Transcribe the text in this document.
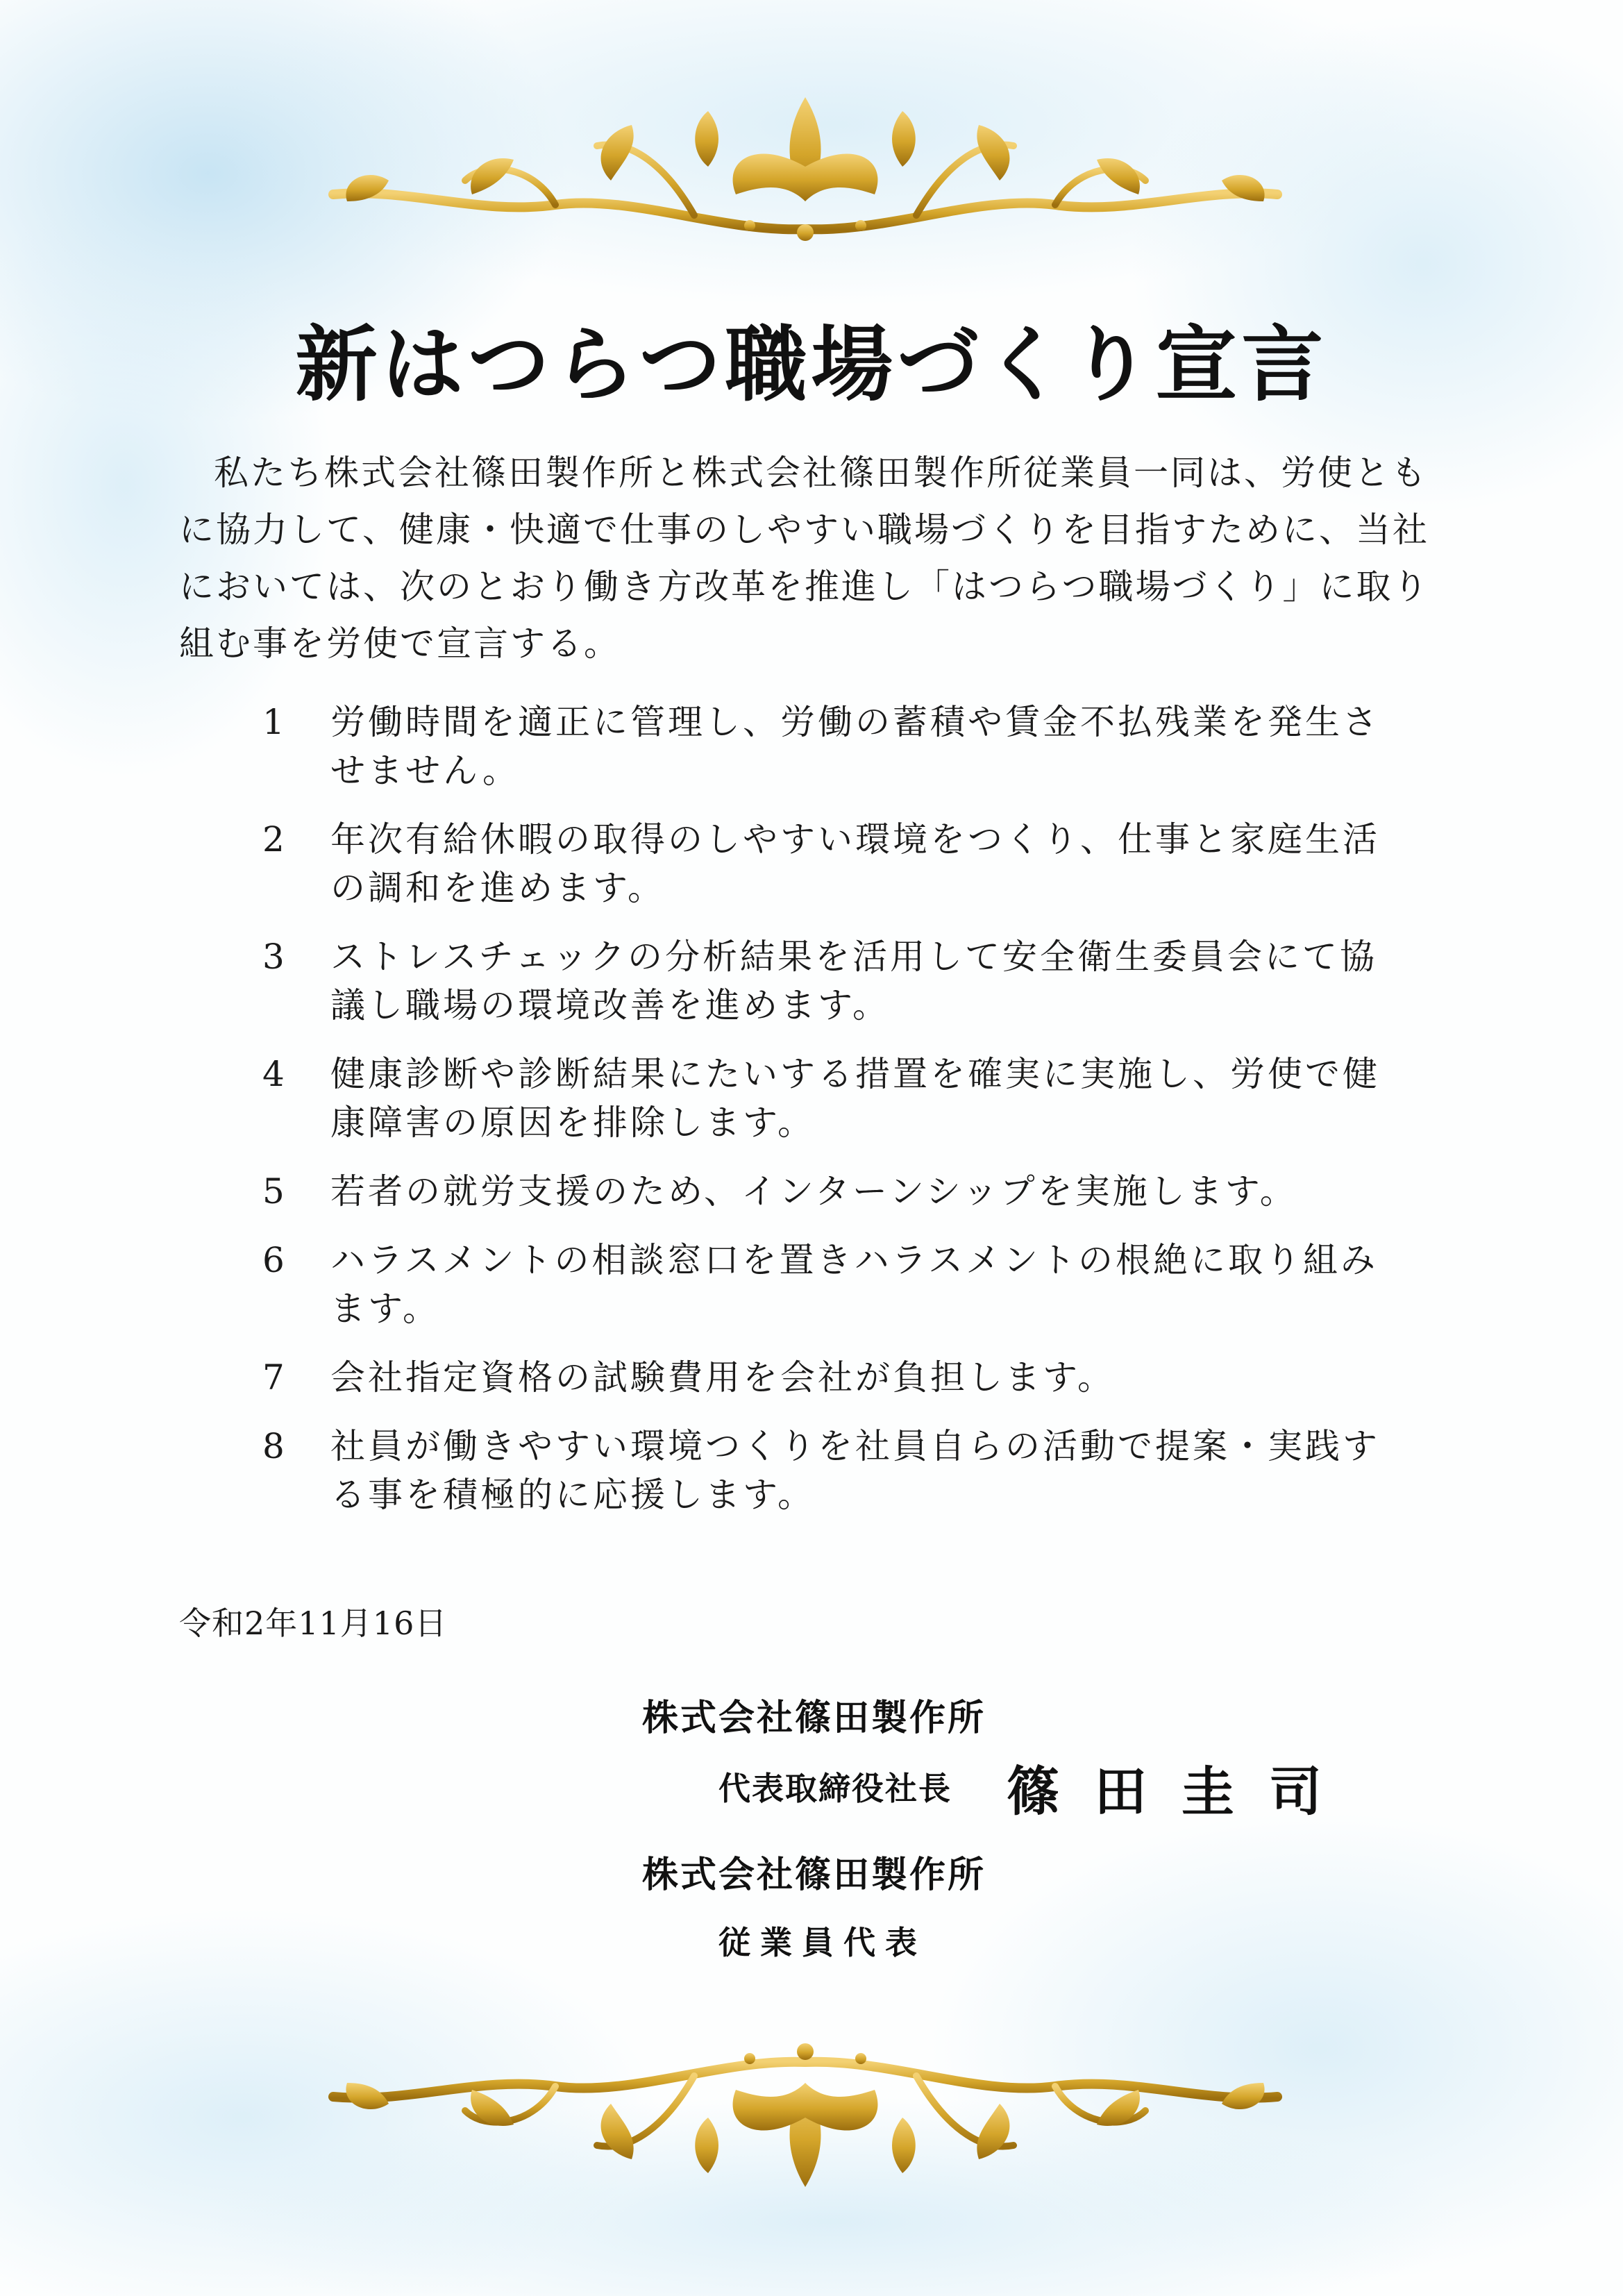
新はつらつ職場づくり宣言

私たち株式会社篠田製作所と株式会社篠田製作所従業員一同は、労使ともに協力して、健康・快適で仕事のしやすい職場づくりを目指すために、当社においては、次のとおり働き方改革を推進し「はつらつ職場づくり」に取り組む事を労使で宣言する。

1	労働時間を適正に管理し、労働の蓄積や賃金不払残業を発生させません。
2	年次有給休暇の取得のしやすい環境をつくり、仕事と家庭生活の調和を進めます。
3	ストレスチェックの分析結果を活用して安全衛生委員会にて協議し職場の環境改善を進めます。
4	健康診断や診断結果にたいする措置を確実に実施し、労使で健康障害の原因を排除します。
5	若者の就労支援のため、インターンシップを実施します。
6	ハラスメントの相談窓口を置きハラスメントの根絶に取り組みます。
7	会社指定資格の試験費用を会社が負担します。
8	社員が働きやすい環境つくりを社員自らの活動で提案・実践する事を積極的に応援します。
令和2年11月16日
株式会社篠田製作所
代表取締役社長 篠田圭司
株式会社篠田製作所
従業員代表
